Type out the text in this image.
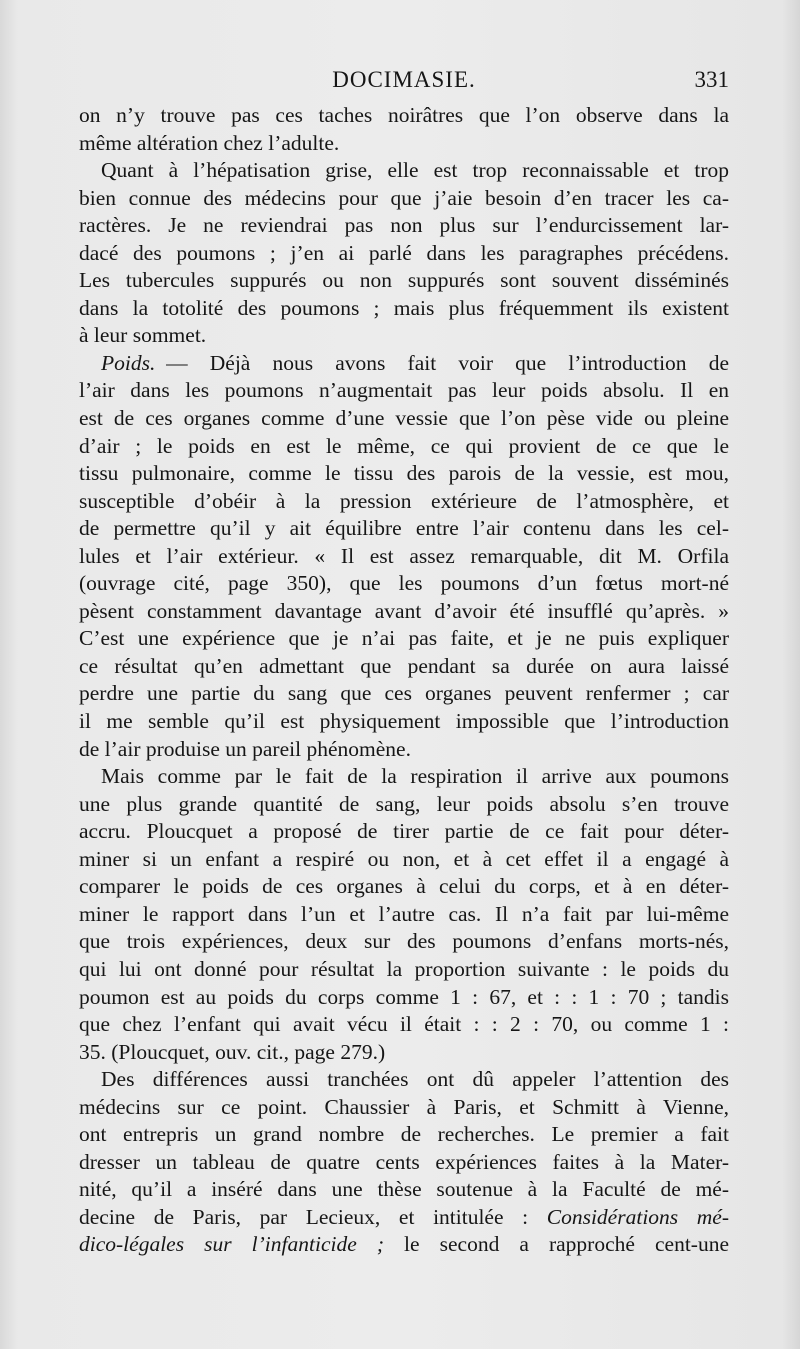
DOCIMASIE.	331
on n’y trouve pas ces taches noirâtres que l’on observe dans la
même altération chez l’adulte.
Quant à l’hépatisation grise, elle est trop reconnaissable et trop
bien connue des médecins pour que j’aie besoin d’en tracer les ca-
ractères. Je ne reviendrai pas non plus sur l’endurcissement lar-
dacé des poumons ; j’en ai parlé dans les paragraphes précédens.
Les tubercules suppurés ou non suppurés sont souvent disséminés
dans la totolité des poumons ; mais plus fréquemment ils existent
à leur sommet.
Poids.  — Déjà nous avons fait voir que l’introduction de
l’air dans les poumons n’augmentait pas leur poids absolu. Il en
est de ces organes comme d’une vessie que l’on pèse vide ou pleine
d’air ; le poids en est le même, ce qui provient de ce que le
tissu pulmonaire, comme le tissu des parois de la vessie, est mou,
susceptible d’obéir à la pression extérieure de l’atmosphère, et
de permettre qu’il y ait équilibre entre l’air contenu dans les cel-
lules et l’air extérieur. « Il est assez remarquable, dit M. Orfila
(ouvrage cité, page 350), que les poumons d’un fœtus mort-né
pèsent constamment davantage avant d’avoir été insufflé qu’après. »
C’est une expérience que je n’ai pas faite, et je ne puis expliquer
ce résultat qu’en admettant que pendant sa durée on aura laissé
perdre une partie du sang que ces organes peuvent renfermer ; car
il me semble qu’il est physiquement impossible que l’introduction
de l’air produise un pareil phénomène.
Mais comme par le fait de la respiration il arrive aux poumons
une plus grande quantité de sang, leur poids absolu s’en trouve
accru. Ploucquet a proposé de tirer partie de ce fait pour déter-
miner si un enfant a respiré ou non, et à cet effet il a engagé à
comparer le poids de ces organes à celui du corps, et à en déter-
miner le rapport dans l’un et l’autre cas. Il n’a fait par lui-même
que trois expériences, deux sur des poumons d’enfans morts-nés,
qui lui ont donné pour résultat la proportion suivante : le poids du
poumon est au poids du corps comme 1 : 67, et : : 1 : 70 ; tandis
que chez l’enfant qui avait vécu il était : : 2 : 70, ou comme 1 :
35. (Ploucquet, ouv. cit., page 279.)
Des différences aussi tranchées ont dû appeler l’attention des
médecins sur ce point. Chaussier à Paris, et Schmitt à Vienne,
ont entrepris un grand nombre de recherches. Le premier a fait
dresser un tableau de quatre cents expériences faites à la Mater-
nité, qu’il a inséré dans une thèse soutenue à la Faculté de mé-
decine de Paris, par Lecieux, et intitulée : Considérations mé-
dico-légales sur l’infanticide ; le second a rapproché cent-une
